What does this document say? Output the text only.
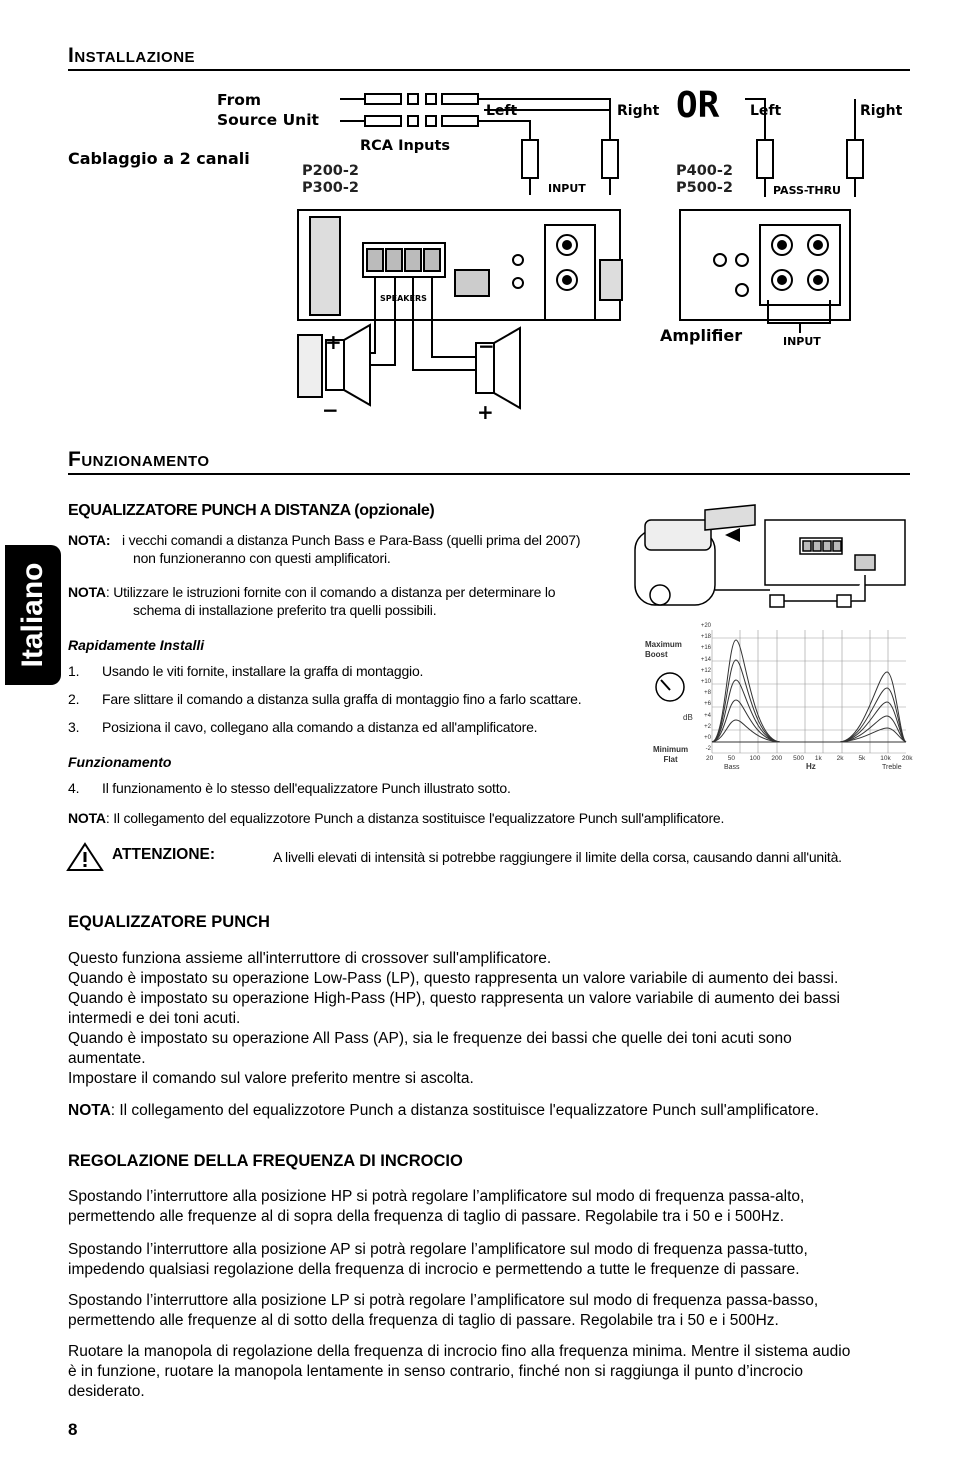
Italiano
Installazione
Cablaggio a 2 canali
From
Source Unit
RCA Inputs
Left	Right OR Left	Right
P200-2
P300-2
P400-2
P500-2
INPUT	PASS-THRU
Amplifier	INPUT
SPEAKERS
+
−
−
+
Funzionamento
EQUALIZZATORE PUNCH A DISTANZA (opzionale)
NOTA: i vecchi comandi a distanza Punch Bass e Para-Bass (quelli prima del 2007)
non funzioneranno con questi amplificatori.
NOTA: Utilizzare le istruzioni fornite con il comando a distanza per determinare lo
schema di installazione preferito tra quelli possibili.
Rapidamente Installi
1. Usando le viti fornite, installare la graffa di montaggio.
2. Fare slittare il comando a distanza sulla graffa di montaggio fino a farlo scattare.
3. Posiziona il cavo, collegano alla comando a distanza ed all'amplificatore.
Funzionamento
4. Il funzionamento è lo stesso dell'equalizzatore Punch illustrato sotto.
NOTA: Il collegamento del equalizzotore Punch a distanza sostituisce l'equalizzatore Punch sull'amplificatore.
ATTENZIONE:	A livelli elevati di intensità si potrebbe raggiungere il limite della corsa, causando danni all'unità.
Maximum
Boost
Minimum
Flat
dB
+20
+18
+16
+14
+12
+10
+8
+6
+4
+2
+0
-2
20 50 100 200 500 1k 2k 5k 10k 20k
Bass	Hz	Treble
EQUALIZZATORE PUNCH
Questo funziona assieme all'interruttore di crossover sull'amplificatore.
Quando è impostato su operazione Low-Pass (LP), questo rappresenta un valore variabile di aumento dei bassi.
Quando è impostato su operazione High-Pass (HP), questo rappresenta un valore variabile di aumento dei bassi
intermedi e dei toni acuti.
Quando è impostato su operazione All Pass (AP), sia le frequenze dei bassi che quelle dei toni acuti sono
aumentate.
Impostare il comando sul valore preferito mentre si ascolta.
NOTA: Il collegamento del equalizzotore Punch a distanza sostituisce l'equalizzatore Punch sull'amplificatore.
REGOLAZIONE DELLA FREQUENZA DI INCROCIO
Spostando l’interruttore alla posizione HP si potrà regolare l’amplificatore sul modo di frequenza passa-alto,
permettendo alle frequenze al di sopra della frequenza di taglio di passare. Regolabile tra i 50 e i 500Hz.
Spostando l’interruttore alla posizione AP si potrà regolare l’amplificatore sul modo di frequenza passa-tutto,
impedendo qualsiasi regolazione della frequenza di incrocio e permettendo a tutte le frequenze di passare.
Spostando l’interruttore alla posizione LP si potrà regolare l’amplificatore sul modo di frequenza passa-basso,
permettendo alle frequenze al di sotto della frequenza di taglio di passare. Regolabile tra i 50 e i 500Hz.
Ruotare la manopola di regolazione della frequenza di incrocio fino alla frequenza minima. Mentre il sistema audio
è in funzione, ruotare la manopola lentamente in senso contrario, finché non si raggiunga il punto d’incrocio
desiderato.
8
